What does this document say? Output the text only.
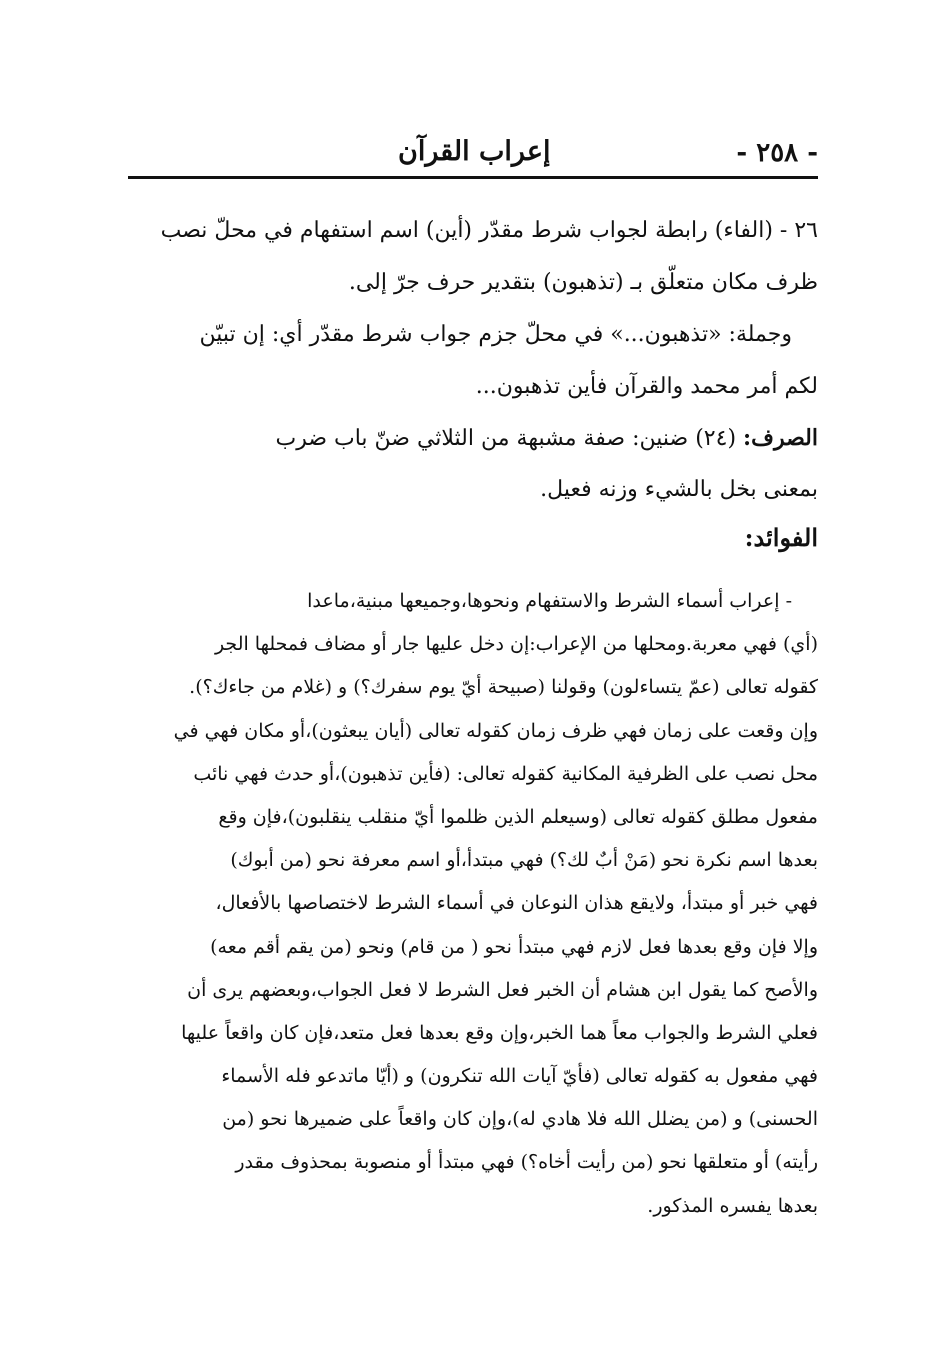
- ٢٥٨ -
إعراب القرآن
٢٦ - (الفاء) رابطة لجواب شرط مقدّر (أين) اسم استفهام في محلّ نصب
ظرف مكان متعلّق بـ (تذهبون) بتقدير حرف جرّ إلى.
وجملة: «تذهبون...» في محلّ جزم جواب شرط مقدّر أي: إن تبيّن
لكم أمر محمد والقرآن فأين تذهبون...
الصرف: (٢٤) ضنين: صفة مشبهة من الثلاثي ضنّ باب ضرب
بمعنى بخل بالشيء وزنه فعيل.
الفوائد:
- إعراب أسماء الشرط والاستفهام ونحوها،وجميعها مبنية،ماعدا
(أي) فهي معربة.ومحلها من الإعراب:إن دخل عليها جار أو مضاف فمحلها الجر
كقوله تعالى (عمّ يتساءلون) وقولنا (صبيحة أيّ يوم سفرك؟) و (غلام من جاءك؟).
وإن وقعت على زمان فهي ظرف زمان كقوله تعالى (أيان يبعثون)،أو مكان فهي في
محل نصب على الظرفية المكانية كقوله تعالى: (فأين تذهبون)،أو حدث فهي نائب
مفعول مطلق كقوله تعالى (وسيعلم الذين ظلموا أيّ منقلب ينقلبون)،فإن وقع
بعدها اسم نكرة نحو (مَنْ أبٌ لك؟) فهي مبتدأ،أو اسم معرفة نحو (من أبوك)
فهي خبر أو مبتدأ، ولايقع هذان النوعان في أسماء الشرط لاختصاصها بالأفعال،
وإلا فإن وقع بعدها فعل لازم فهي مبتدأ نحو ( من قام) ونحو (من يقم أقم معه)
والأصح كما يقول ابن هشام أن الخبر فعل الشرط لا فعل الجواب،وبعضهم يرى أن
فعلي الشرط والجواب معاً هما الخبر،وإن وقع بعدها فعل متعد،فإن كان واقعاً عليها
فهي مفعول به كقوله تعالى (فأيّ آيات الله تنكرون) و (أيّا ماتدعو فله الأسماء
الحسنى) و (من يضلل الله فلا هادي له)،وإن كان واقعاً على ضميرها نحو (من
رأيته) أو متعلقها نحو (من رأيت أخاه؟) فهي مبتدأ أو منصوبة بمحذوف مقدر
بعدها يفسره المذكور.
